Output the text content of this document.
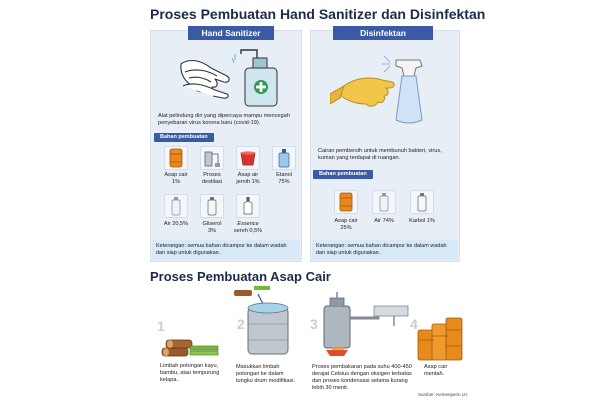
Proses Pembuatan Hand Sanitizer dan Disinfektan
Hand Sanitizer
Alat pelindung diri yang dipercaya mampu mencegah penyebaran virus korona baru (covid-19).
Bahan pembuatan
Asap cair
1%
Proses
destilasi
Asap air
jernih 1%
Etanol
75%
Air 20,5%	Gliserol
3%
Essence
sereh 0,5%
Keterangan: semua bahan dicampur ke dalam wadah dan siap untuk digunakan.
Disinfektan
Cairan pembersih untuk membunuh bakteri, virus, kuman yang terdapat di ruangan.
Bahan pembuatan
Asap cair
25%
Air 74%	Karbol 1%
Keterangan: semua bahan dicampur ke dalam wadah dan siap untuk digunakan.
Proses Pembuatan Asap Cair
1
Limbah potongan kayu, bambu, atau tempurung kelapa.
2
Masukkan limbah potongan ke dalam tungku drum modifikasi.
3
Proses pembakaran pada suhu 400-450 derajat Celsius dengan oksigen terbatas dan proses kondensasi selama kurang lebih 30 menit.
4
Asap cair mentah.
Sumber: Kemenperin LH
